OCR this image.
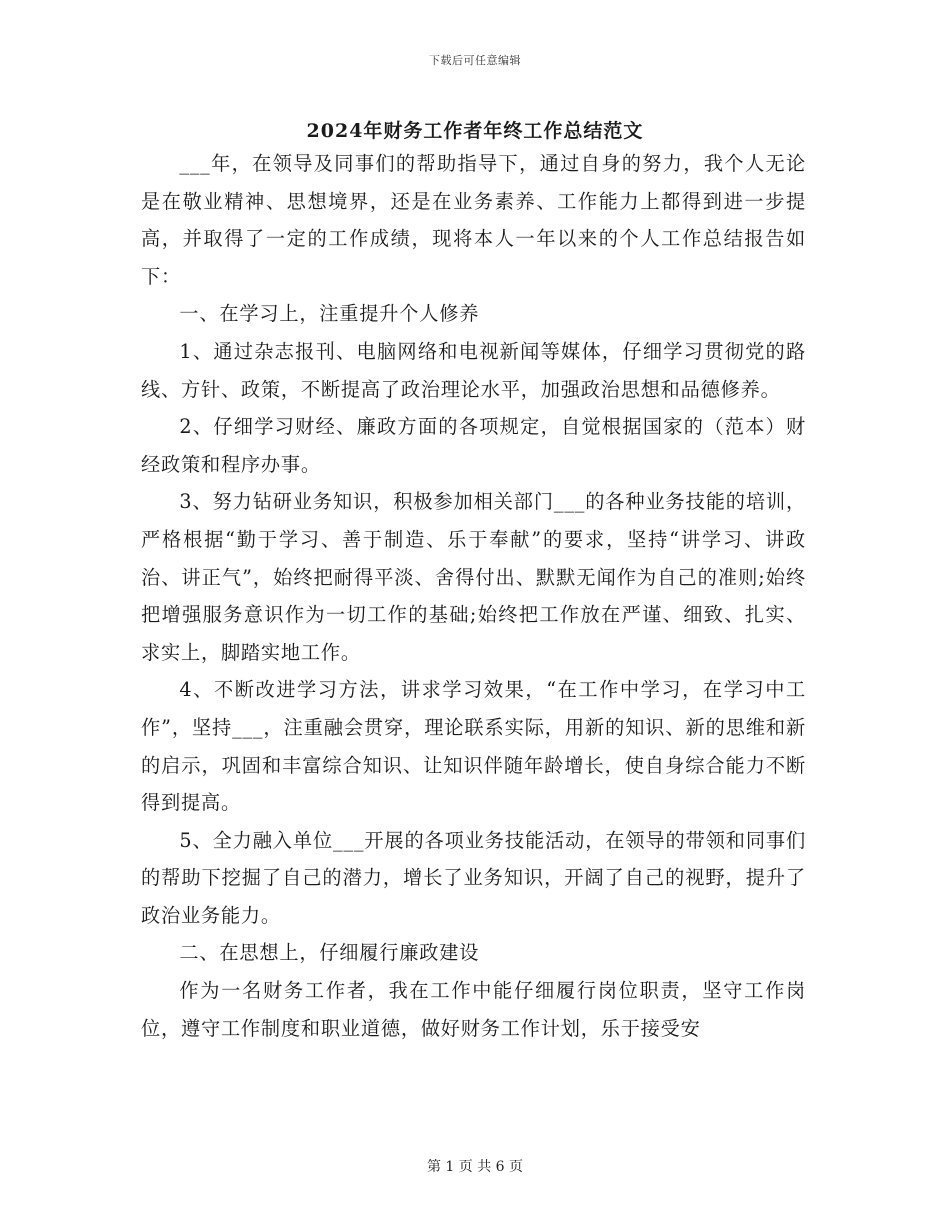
下载后可任意编辑
2024年财务工作者年终工作总结范文

___年，在领导及同事们的帮助指导下，通过自身的努力，我个人无论是在敬业精神、思想境界，还是在业务素养、工作能力上都得到进一步提高，并取得了一定的工作成绩，现将本人一年以来的个人工作总结报告如下：

一、在学习上，注重提升个人修养

1、通过杂志报刊、电脑网络和电视新闻等媒体，仔细学习贯彻党的路线、方针、政策，不断提高了政治理论水平，加强政治思想和品德修养。

2、仔细学习财经、廉政方面的各项规定，自觉根据国家的（范本）财经政策和程序办事。

3、努力钻研业务知识，积极参加相关部门___的各种业务技能的培训，严格根据“勤于学习、善于制造、乐于奉献”的要求，坚持“讲学习、讲政治、讲正气”，始终把耐得平淡、舍得付出、默默无闻作为自己的准则;始终把增强服务意识作为一切工作的基础;始终把工作放在严谨、细致、扎实、求实上，脚踏实地工作。

4、不断改进学习方法，讲求学习效果，“在工作中学习，在学习中工作”，坚持___，注重融会贯穿，理论联系实际，用新的知识、新的思维和新的启示，巩固和丰富综合知识、让知识伴随年龄增长，使自身综合能力不断得到提高。

5、全力融入单位___开展的各项业务技能活动，在领导的带领和同事们的帮助下挖掘了自己的潜力，增长了业务知识，开阔了自己的视野，提升了政治业务能力。

二、在思想上，仔细履行廉政建设

作为一名财务工作者，我在工作中能仔细履行岗位职责，坚守工作岗位，遵守工作制度和职业道德，做好财务工作计划，乐于接受安

第 1 页 共 6 页
